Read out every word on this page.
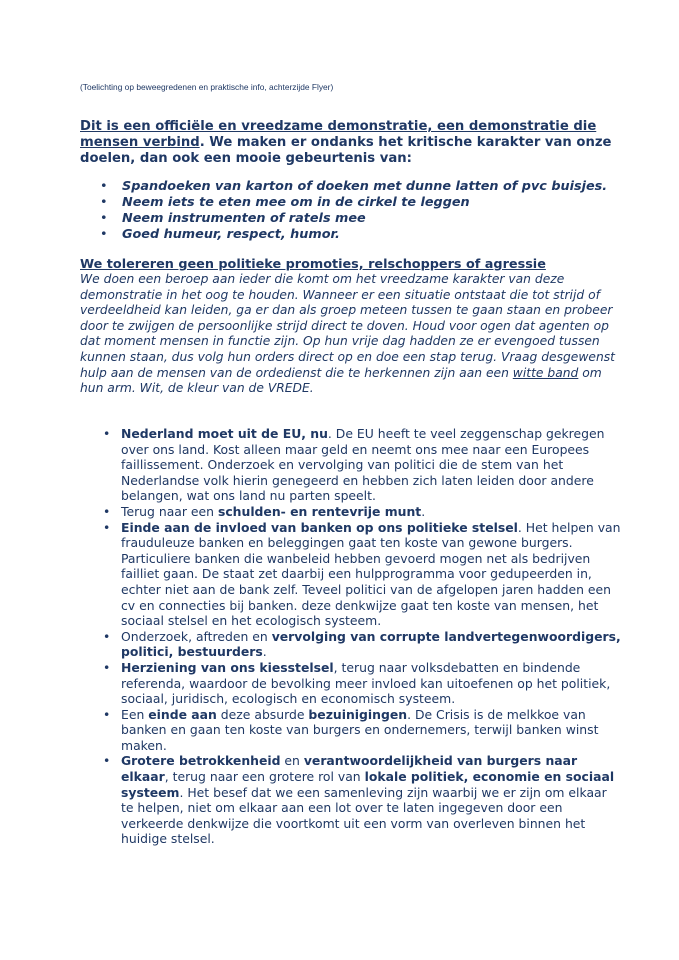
(Toelichting op beweegredenen en praktische info, achterzijde Flyer)
Dit is een officiële en vreedzame demonstratie, een demonstratie die mensen verbind. We maken er ondanks het kritische karakter van onze doelen, dan ook een mooie gebeurtenis van:
• Spandoeken van karton of doeken met dunne latten of pvc buisjes.
• Neem iets te eten mee om in de cirkel te leggen
• Neem instrumenten of ratels mee
• Goed humeur, respect, humor.
We tolereren geen politieke promoties, relschoppers of agressie
We doen een beroep aan ieder die komt om het vreedzame karakter van deze demonstratie in het oog te houden. Wanneer er een situatie ontstaat die tot strijd of verdeeldheid kan leiden, ga er dan als groep meteen tussen te gaan staan en probeer door te zwijgen de persoonlijke strijd direct te doven. Houd voor ogen dat agenten op dat moment mensen in functie zijn. Op hun vrije dag hadden ze er evengoed tussen kunnen staan, dus volg hun orders direct op en doe een stap terug. Vraag desgewenst hulp aan de mensen van de ordedienst die te herkennen zijn aan een witte band om hun arm. Wit, de kleur van de VREDE.
• Nederland moet uit de EU, nu. De EU heeft te veel zeggenschap gekregen over ons land. Kost alleen maar geld en neemt ons mee naar een Europees faillissement. Onderzoek en vervolging van politici die de stem van het Nederlandse volk hierin genegeerd en hebben zich laten leiden door andere belangen, wat ons land nu parten speelt.
• Terug naar een schulden- en rentevrije munt.
• Einde aan de invloed van banken op ons politieke stelsel. Het helpen van frauduleuze banken en beleggingen gaat ten koste van gewone burgers. Particuliere banken die wanbeleid hebben gevoerd mogen net als bedrijven failliet gaan. De staat zet daarbij een hulpprogramma voor gedupeerden in, echter niet aan de bank zelf. Teveel politici van de afgelopen jaren hadden een cv en connecties bij banken. deze denkwijze gaat ten koste van mensen, het sociaal stelsel en het ecologisch systeem.
• Onderzoek, aftreden en vervolging van corrupte landvertegenwoordigers, politici, bestuurders.
• Herziening van ons kiesstelsel, terug naar volksdebatten en bindende referenda, waardoor de bevolking meer invloed kan uitoefenen op het politiek, sociaal, juridisch, ecologisch en economisch systeem.
• Een einde aan deze absurde bezuinigingen. De Crisis is de melkkoe van banken en gaan ten koste van burgers en ondernemers, terwijl banken winst maken.
• Grotere betrokkenheid en verantwoordelijkheid van burgers naar elkaar, terug naar een grotere rol van lokale politiek, economie en sociaal systeem. Het besef dat we een samenleving zijn waarbij we er zijn om elkaar te helpen, niet om elkaar aan een lot over te laten ingegeven door een verkeerde denkwijze die voortkomt uit een vorm van overleven binnen het huidige stelsel.
